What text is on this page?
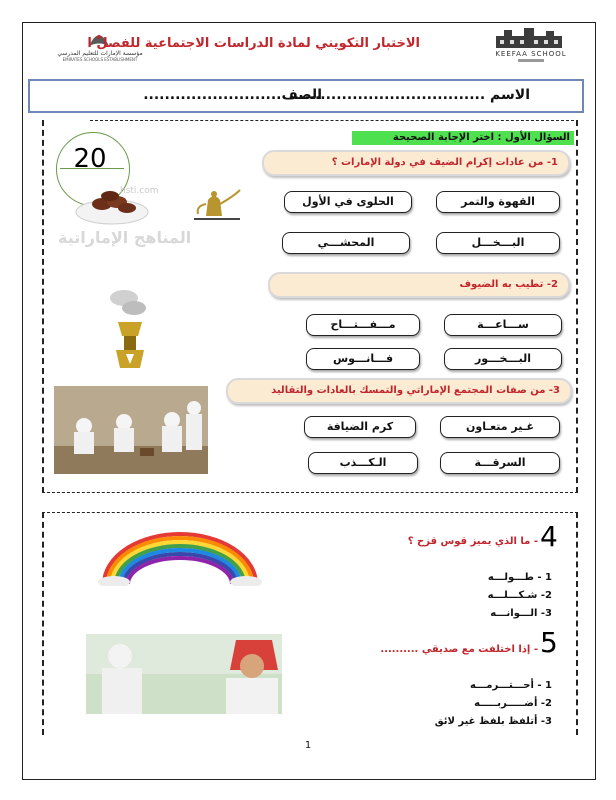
مؤسسة الإمارات للتعليم المدرسي
EMIRATES SCHOOLS ESTABLISHMENT
الاختبار التكويني لمادة الدراسات الاجتماعية للفصل ا
KEEFAA SCHOOL
الاسم .....................................
الصف..........................
السؤال الأول : اختر الإجابة الصحيحة
20
hsti.com
المناهج الإماراتية
1- من عادات إكرام الضيف في دولة الإمارات ؟
القهوة والتمر
الحلوى في الأول
البـــخـــل
المحشـــي
2- تطيب به الضيوف
ســـاعـــة
مـــفـــتـــاح
البـــخـــور
فـــانـــوس
3- من صفات المجتمع الإماراتي والتمسك بالعادات والتقاليد
غـير متعـاون
كرم الضيافة
السرقـــة
الـكـــذب
4
- ما الذي يميز قوس قزح ؟
1 - طـــولـــه
2- شـكـــلـــه
3- الـــوانـــه
5
- إذا اختلفت مع صديقي ..........
1 - أحـــتـــرمـــه
2- أضـــــربـــــه
3- أتلفظ بلفظ غير لائق
1
